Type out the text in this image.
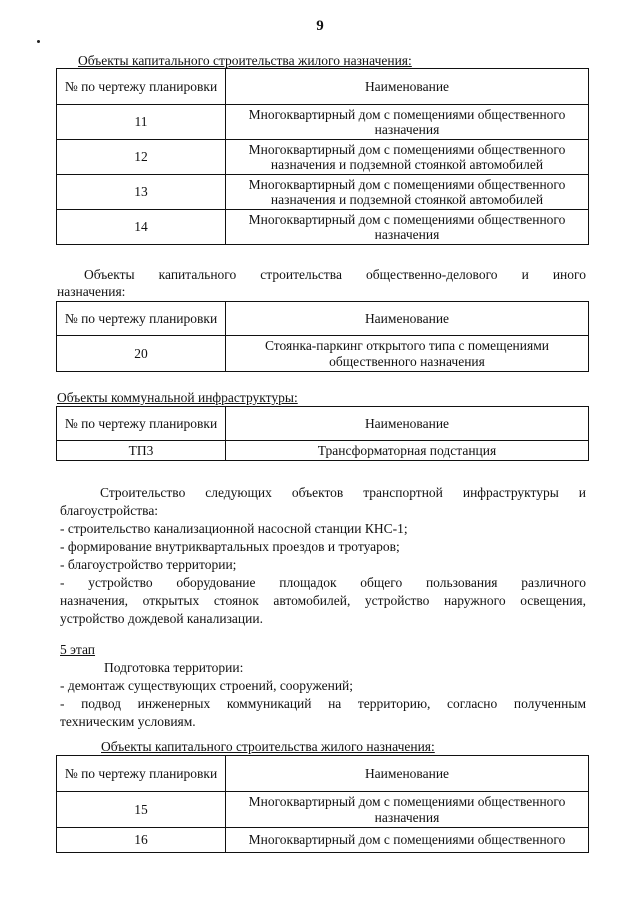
9
Объекты капитального строительства жилого назначения:
№ по чертежу планировки	Наименование
11	Многоквартирный дом с помещениями общественного назначения
12	Многоквартирный дом с помещениями общественного назначения и подземной стоянкой автомобилей
13	Многоквартирный дом с помещениями общественного назначения и подземной стоянкой автомобилей
14	Многоквартирный дом с помещениями общественного назначения
Объекты капитального строительства общественно-делового и иного
назначения:
№ по чертежу планировки	Наименование
20	Стоянка-паркинг открытого типа с помещениями общественного назначения
Объекты коммунальной инфраструктуры:
№ по чертежу планировки	Наименование
ТП3	Трансформаторная подстанция
Строительство следующих объектов транспортной инфраструктуры и
благоустройства:
- строительство канализационной насосной станции КНС-1;
- формирование внутриквартальных проездов и тротуаров;
- благоустройство территории;
- устройство оборудование площадок общего пользования различного
назначения, открытых стоянок автомобилей, устройство наружного освещения,
устройство дождевой канализации.
5 этап
Подготовка территории:
- демонтаж существующих строений, сооружений;
- подвод инженерных коммуникаций на территорию, согласно полученным
техническим условиям.
Объекты капитального строительства жилого назначения:
№ по чертежу планировки	Наименование
15	Многоквартирный дом с помещениями общественного назначения
16	Многоквартирный дом с помещениями общественного
